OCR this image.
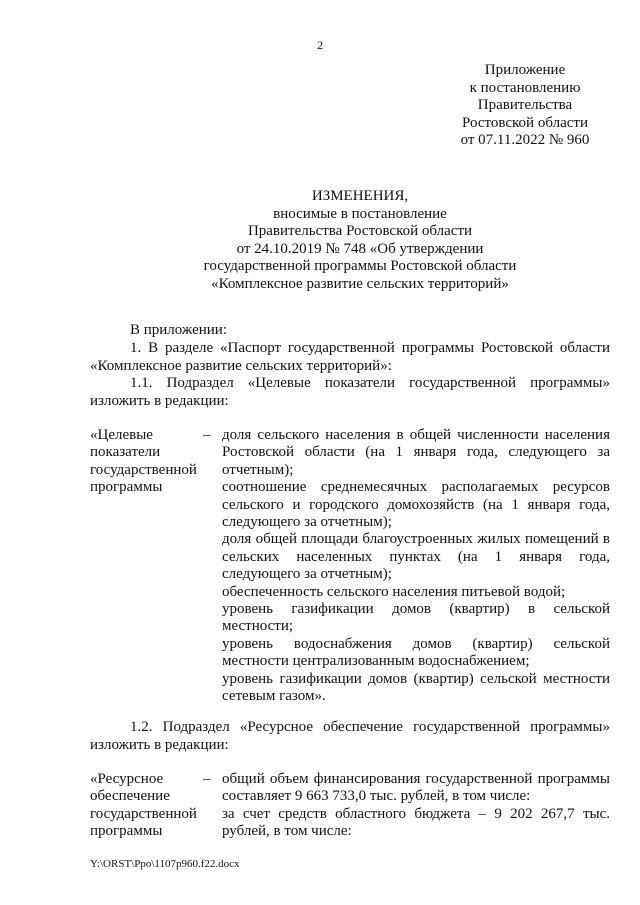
2
Приложение
к постановлению
Правительства
Ростовской области
от 07.11.2022 № 960
ИЗМЕНЕНИЯ,
вносимые в постановление
Правительства Ростовской области
от 24.10.2019 № 748 «Об утверждении
государственной программы Ростовской области
«Комплексное развитие сельских территорий»
В приложении:
1. В разделе «Паспорт государственной программы Ростовской области «Комплексное развитие сельских территорий»:
1.1. Подраздел «Целевые показатели государственной программы» изложить в редакции:
«Целевые
показатели
государственной
программы
– доля сельского населения в общей численности населения Ростовской области (на 1 января года, следующего за отчетным);
соотношение среднемесячных располагаемых ресурсов сельского и городского домохозяйств (на 1 января года, следующего за отчетным);
доля общей площади благоустроенных жилых помещений в сельских населенных пунктах (на 1 января года, следующего за отчетным);
обеспеченность сельского населения питьевой водой;
уровень газификации домов (квартир) в сельской местности;
уровень водоснабжения домов (квартир) сельской местности централизованным водоснабжением;
уровень газификации домов (квартир) сельской местности сетевым газом».
1.2. Подраздел «Ресурсное обеспечение государственной программы» изложить в редакции:
«Ресурсное
обеспечение
государственной
программы
– общий объем финансирования государственной программы составляет 9 663 733,0 тыс. рублей, в том числе:
за счет средств областного бюджета – 9 202 267,7 тыс. рублей, в том числе:
Y:\ORST\Ppo\1107p960.f22.docx
